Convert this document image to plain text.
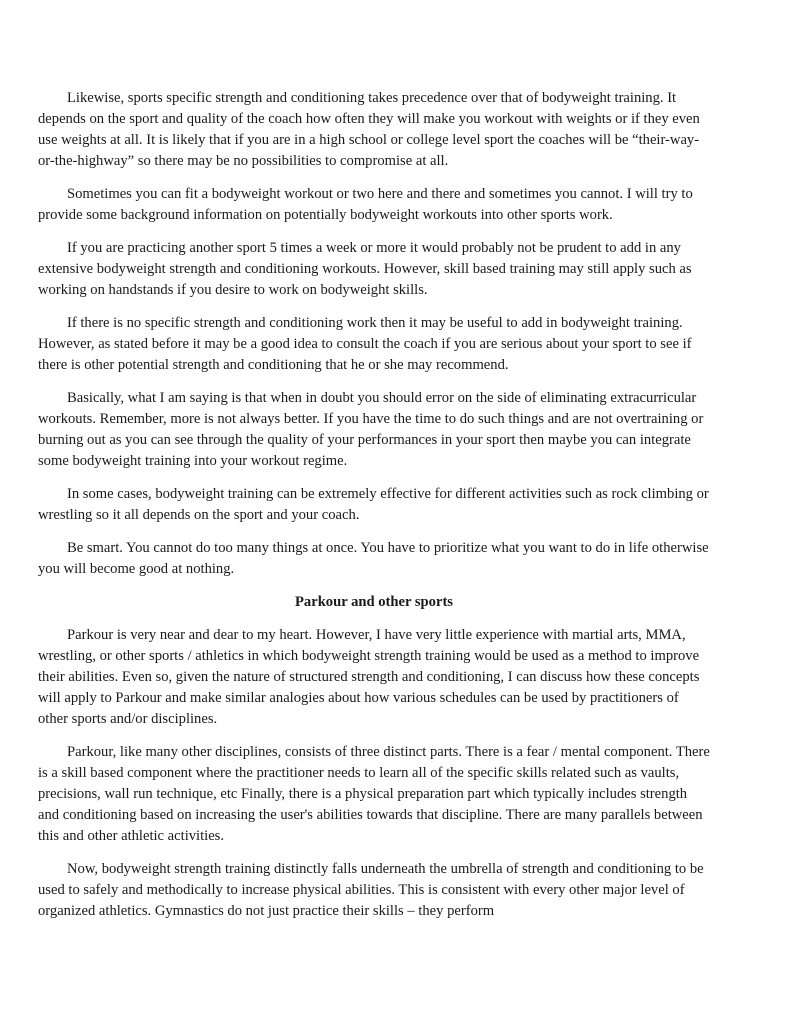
Likewise, sports specific strength and conditioning takes precedence over that of bodyweight training. It depends on the sport and quality of the coach how often they will make you workout with weights or if they even use weights at all. It is likely that if you are in a high school or college level sport the coaches will be “their-way-or-the-highway” so there may be no possibilities to compromise at all.

Sometimes you can fit a bodyweight workout or two here and there and sometimes you cannot. I will try to provide some background information on potentially bodyweight workouts into other sports work.

If you are practicing another sport 5 times a week or more it would probably not be prudent to add in any extensive bodyweight strength and conditioning workouts. However, skill based training may still apply such as working on handstands if you desire to work on bodyweight skills.

If there is no specific strength and conditioning work then it may be useful to add in bodyweight training. However, as stated before it may be a good idea to consult the coach if you are serious about your sport to see if there is other potential strength and conditioning that he or she may recommend.

Basically, what I am saying is that when in doubt you should error on the side of eliminating extracurricular workouts. Remember, more is not always better. If you have the time to do such things and are not overtraining or burning out as you can see through the quality of your performances in your sport then maybe you can integrate some bodyweight training into your workout regime.

In some cases, bodyweight training can be extremely effective for different activities such as rock climbing or wrestling so it all depends on the sport and your coach.

Be smart. You cannot do too many things at once. You have to prioritize what you want to do in life otherwise you will become good at nothing.

Parkour and other sports

Parkour is very near and dear to my heart. However, I have very little experience with martial arts, MMA, wrestling, or other sports / athletics in which bodyweight strength training would be used as a method to improve their abilities. Even so, given the nature of structured strength and conditioning, I can discuss how these concepts will apply to Parkour and make similar analogies about how various schedules can be used by practitioners of other sports and/or disciplines.

Parkour, like many other disciplines, consists of three distinct parts. There is a fear / mental component. There is a skill based component where the practitioner needs to learn all of the specific skills related such as vaults, precisions, wall run technique, etc Finally, there is a physical preparation part which typically includes strength and conditioning based on increasing the user's abilities towards that discipline. There are many parallels between this and other athletic activities.

Now, bodyweight strength training distinctly falls underneath the umbrella of strength and conditioning to be used to safely and methodically to increase physical abilities. This is consistent with every other major level of organized athletics. Gymnastics do not just practice their skills – they perform
